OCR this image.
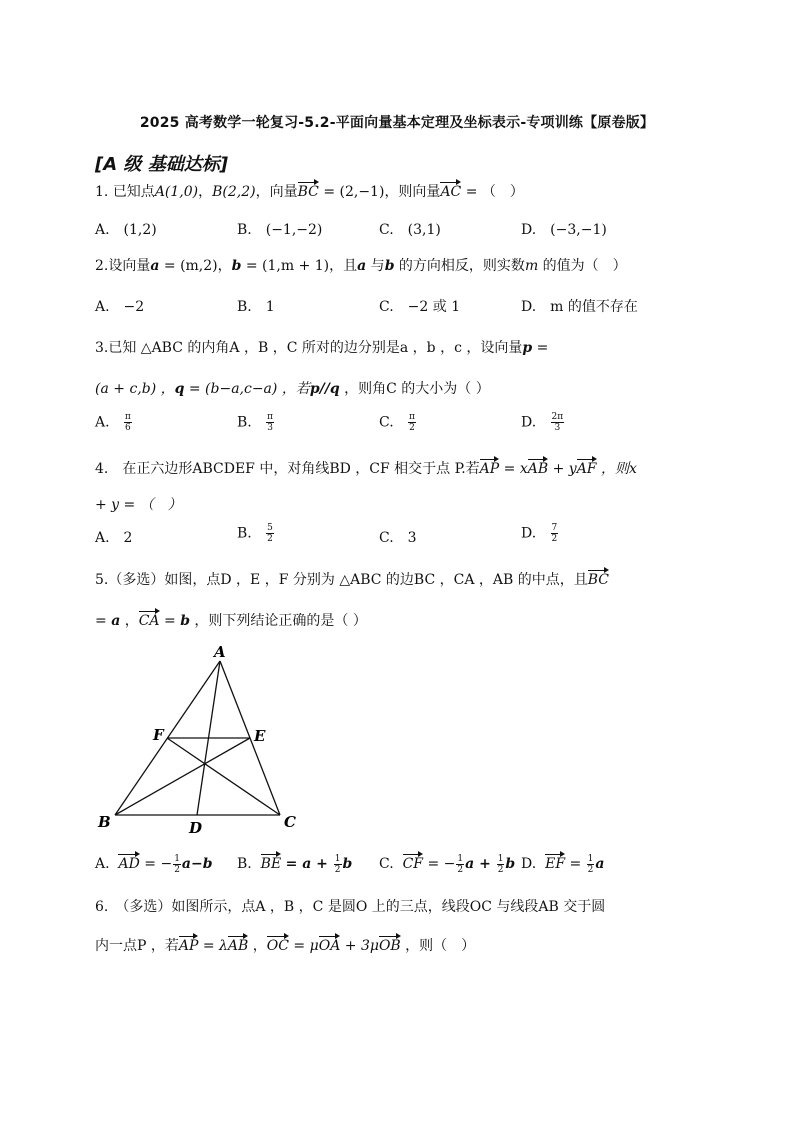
2025 高考数学一轮复习-5.2-平面向量基本定理及坐标表示-专项训练【原卷版】
[A 级 基础达标]
1. 已知点A(1,0)，B(2,2)，向量BC = (2,−1)，则向量AC = （　）
A.　(1,2)	B.　(−1,−2)	C.　(3,1)	D.　(−3,−1)
2.设向量a = (m,2)，b = (1,m + 1)，且a 与b 的方向相反，则实数m 的值为（　）
A.　−2	B.　1	C.　−2 或 1	D.　m 的值不存在
3.已知 △ABC 的内角A ，B ，C 所对的边分别是a ，b ，c ，设向量p =
(a + c,b) ，q = (b−a,c−a) ，若p//q ，则角C 的大小为（ ）
A. $\frac{\pi}{6}$	B. $\frac{\pi}{3}$	C. $\frac{\pi}{2}$	D. $\frac{2\pi}{3}$
4.　在正六边形ABCDEF 中，对角线BD ，CF 相交于点 P.若AP = xAB + yAF ，则x
+ y = （　）
A.　2	B. $\frac{5}{2}$	C.　3	D. $\frac{7}{2}$
5.（多选）如图，点D ，E ，F 分别为 △ABC 的边BC ，CA ，AB 的中点，且BC
= a ，CA = b ，则下列结论正确的是（ ）
A
B	C
D
E
F
A. AD = − $\frac{1}{2} a-b$ B. BE = $a + \frac{1}{2}$ b C. CF = − $\frac{1}{2}$ $a + \frac{1}{2}$ b D. EF = $\frac{1}{2}$ a
6.　（多选）如图所示，点A ，B ，C 是圆O 上的三点，线段OC 与线段AB 交于圆
内一点P ，若AP = λAB ，OC = μOA + 3μOB ，则（　）
